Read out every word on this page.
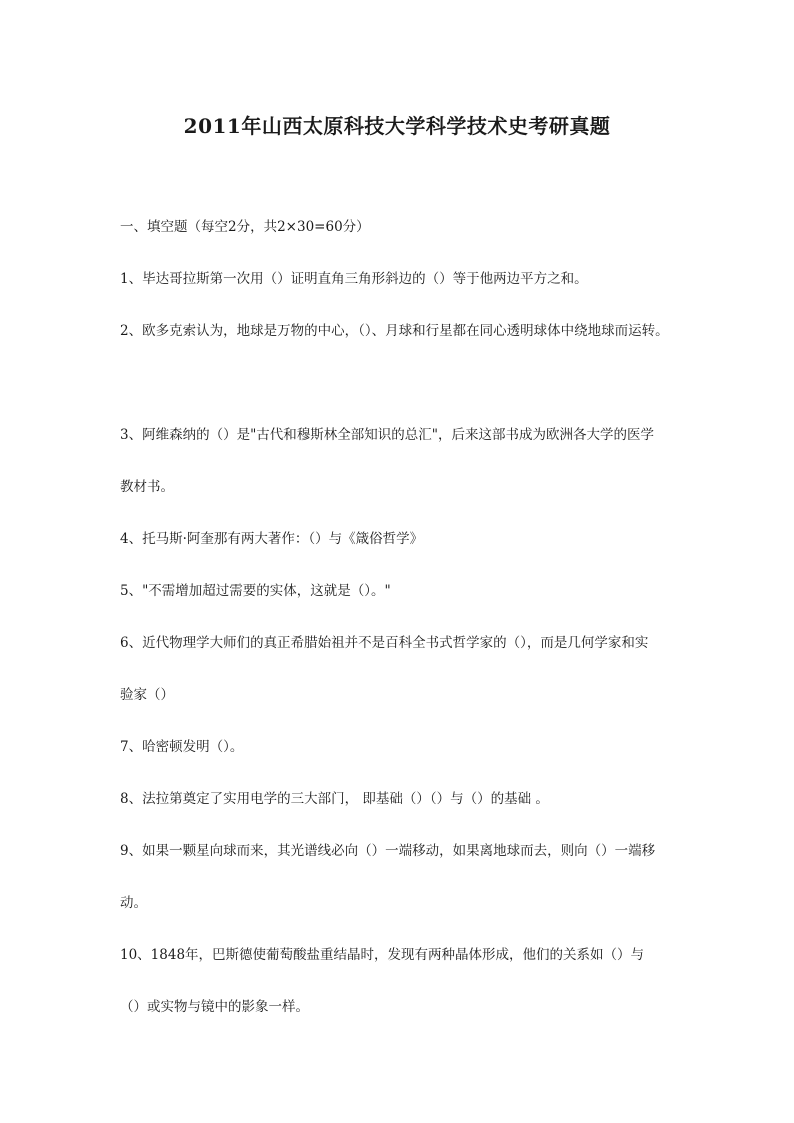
2011年山西太原科技大学科学技术史考研真题
一、填空题（每空2分，共2×30=60分）
1、毕达哥拉斯第一次用（）证明直角三角形斜边的（）等于他两边平方之和。
2、欧多克索认为，地球是万物的中心，（）、月球和行星都在同心透明球体中绕地球而运转。
3、阿维森纳的（）是"古代和穆斯林全部知识的总汇"，后来这部书成为欧洲各大学的医学
教材书。
4、托马斯·阿奎那有两大著作：（）与《箴俗哲学》
5、"不需增加超过需要的实体，这就是（）。"
6、近代物理学大师们的真正希腊始祖并不是百科全书式哲学家的（），而是几何学家和实
验家（）
7、哈密顿发明（）。
8、法拉第奠定了实用电学的三大部门， 即基础（）（）与（）的基础 。
9、如果一颗星向球而来，其光谱线必向（）一端移动，如果离地球而去，则向（）一端移
动。
10、1848年，巴斯德使葡萄酸盐重结晶时，发现有两种晶体形成，他们的关系如（）与
（）或实物与镜中的影象一样。
